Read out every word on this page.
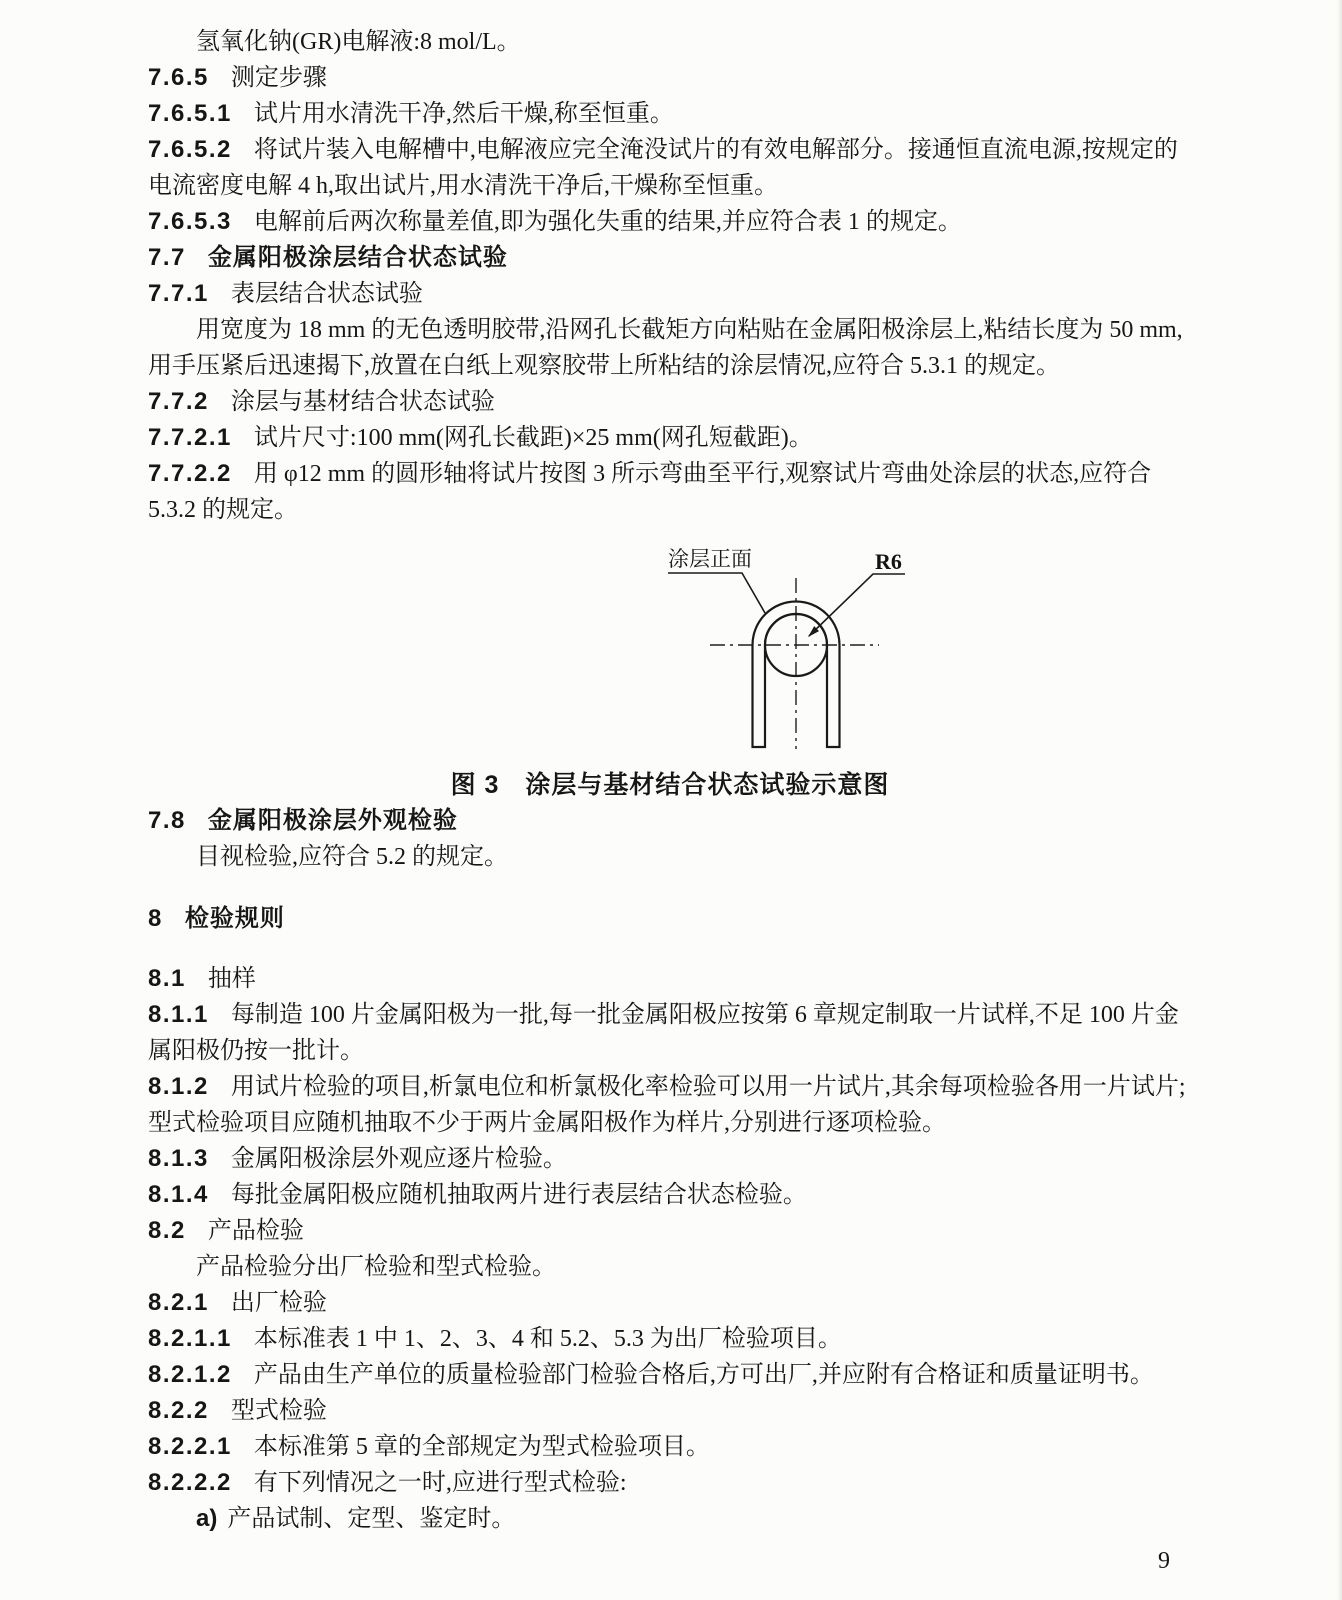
氢氧化钠(GR)电解液:8 mol/L。

7.6.5 测定步骤

7.6.5.1 试片用水清洗干净,然后干燥,称至恒重。

7.6.5.2 将试片装入电解槽中,电解液应完全淹没试片的有效电解部分。接通恒直流电源,按规定的

电流密度电解 4 h,取出试片,用水清洗干净后,干燥称至恒重。

7.6.5.3 电解前后两次称量差值,即为强化失重的结果,并应符合表 1 的规定。

7.7 金属阳极涂层结合状态试验

7.7.1 表层结合状态试验

用宽度为 18 mm 的无色透明胶带,沿网孔长截矩方向粘贴在金属阳极涂层上,粘结长度为 50 mm,

用手压紧后迅速揭下,放置在白纸上观察胶带上所粘结的涂层情况,应符合 5.3.1 的规定。

7.7.2 涂层与基材结合状态试验

7.7.2.1 试片尺寸:100 mm(网孔长截距)×25 mm(网孔短截距)。

7.7.2.2 用 φ12 mm 的圆形轴将试片按图 3 所示弯曲至平行,观察试片弯曲处涂层的状态,应符合

5.3.2 的规定。

涂层正面	R6

图 3 涂层与基材结合状态试验示意图

7.8 金属阳极涂层外观检验

目视检验,应符合 5.2 的规定。

8 检验规则

8.1 抽样

8.1.1 每制造 100 片金属阳极为一批,每一批金属阳极应按第 6 章规定制取一片试样,不足 100 片金

属阳极仍按一批计。

8.1.2 用试片检验的项目,析氯电位和析氯极化率检验可以用一片试片,其余每项检验各用一片试片;

型式检验项目应随机抽取不少于两片金属阳极作为样片,分别进行逐项检验。

8.1.3 金属阳极涂层外观应逐片检验。

8.1.4 每批金属阳极应随机抽取两片进行表层结合状态检验。

8.2 产品检验

产品检验分出厂检验和型式检验。

8.2.1 出厂检验

8.2.1.1 本标准表 1 中 1、2、3、4 和 5.2、5.3 为出厂检验项目。

8.2.1.2 产品由生产单位的质量检验部门检验合格后,方可出厂,并应附有合格证和质量证明书。

8.2.2 型式检验

8.2.2.1 本标准第 5 章的全部规定为型式检验项目。

8.2.2.2 有下列情况之一时,应进行型式检验:

a) 产品试制、定型、鉴定时。

9
